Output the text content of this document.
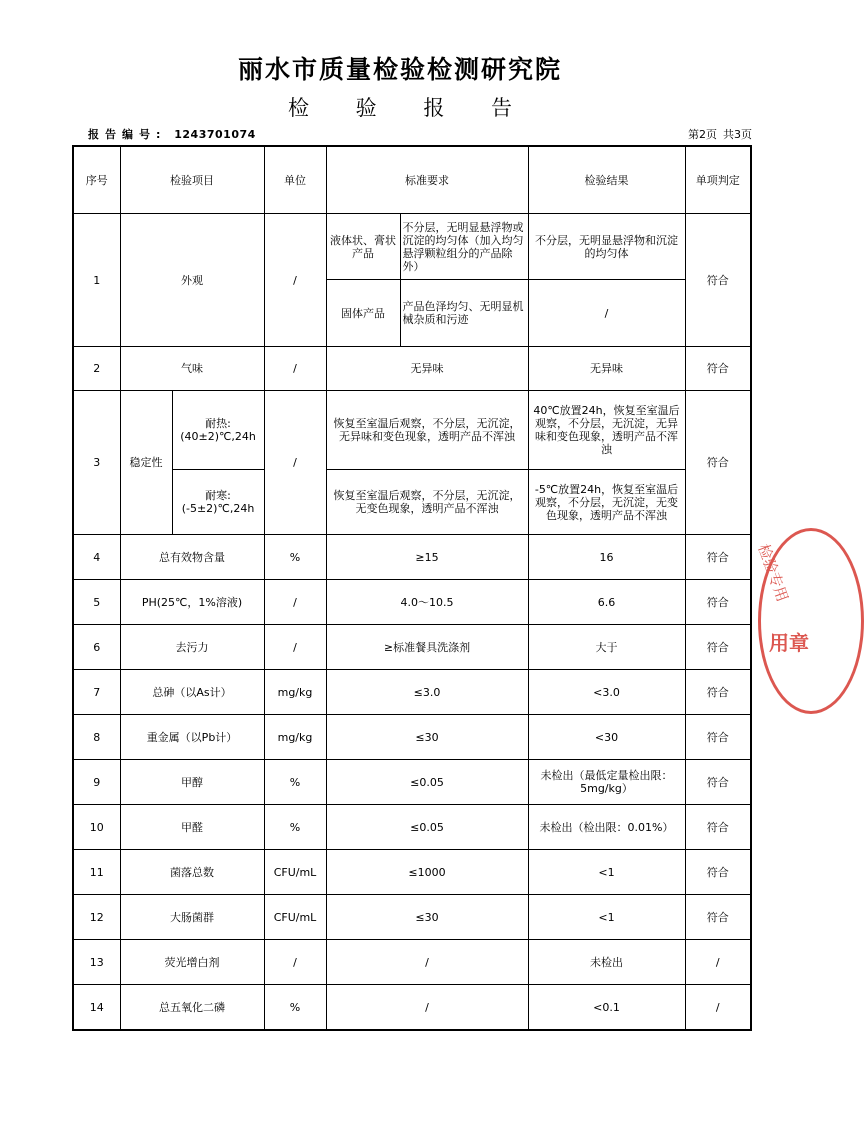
丽水市质量检验检测研究院
检 验 报 告
报告编号: 1243701074	第2页 共3页
序号	检验项目		单位	标准要求		检验结果	单项判定
1	外观		/	液体状、膏状产品	不分层，无明显悬浮物或沉淀的均匀体（加入均匀悬浮颗粒组分的产品除外）	不分层，无明显悬浮物和沉淀的均匀体	符合
				固体产品	产品色泽均匀、无明显机械杂质和污迹	/	
2	气味		/	无异味		无异味	符合
3	稳定性	耐热:(40±2)℃,24h	/	恢复至室温后观察，不分层，无沉淀，无异味和变色现象，透明产品不浑浊		40℃放置24h，恢复至室温后观察，不分层，无沉淀，无异味和变色现象，透明产品不浑浊	符合
		耐寒:(-5±2)℃,24h		恢复至室温后观察，不分层，无沉淀，无变色现象，透明产品不浑浊		-5℃放置24h，恢复至室温后观察，不分层，无沉淀，无变色现象，透明产品不浑浊	
4	总有效物含量		%	≥15		16	符合
5	PH(25℃，1%溶液)		/	4.0～10.5		6.6	符合
6	去污力		/	≥标准餐具洗涤剂		大于	符合
7	总砷（以As计）		mg/kg	≤3.0		<3.0	符合
8	重金属（以Pb计）		mg/kg	≤30		<30	符合
9	甲醇		%	≤0.05		未检出（最低定量检出限：5mg/kg）	符合
10	甲醛		%	≤0.05		未检出（检出限：0.01%）	符合
11	菌落总数		CFU/mL	≤1000		<1	符合
12	大肠菌群		CFU/mL	≤30		<1	符合
13	荧光增白剂		/	/		未检出	/
14	总五氧化二磷		%	/		<0.1	/
检验专用
用章
